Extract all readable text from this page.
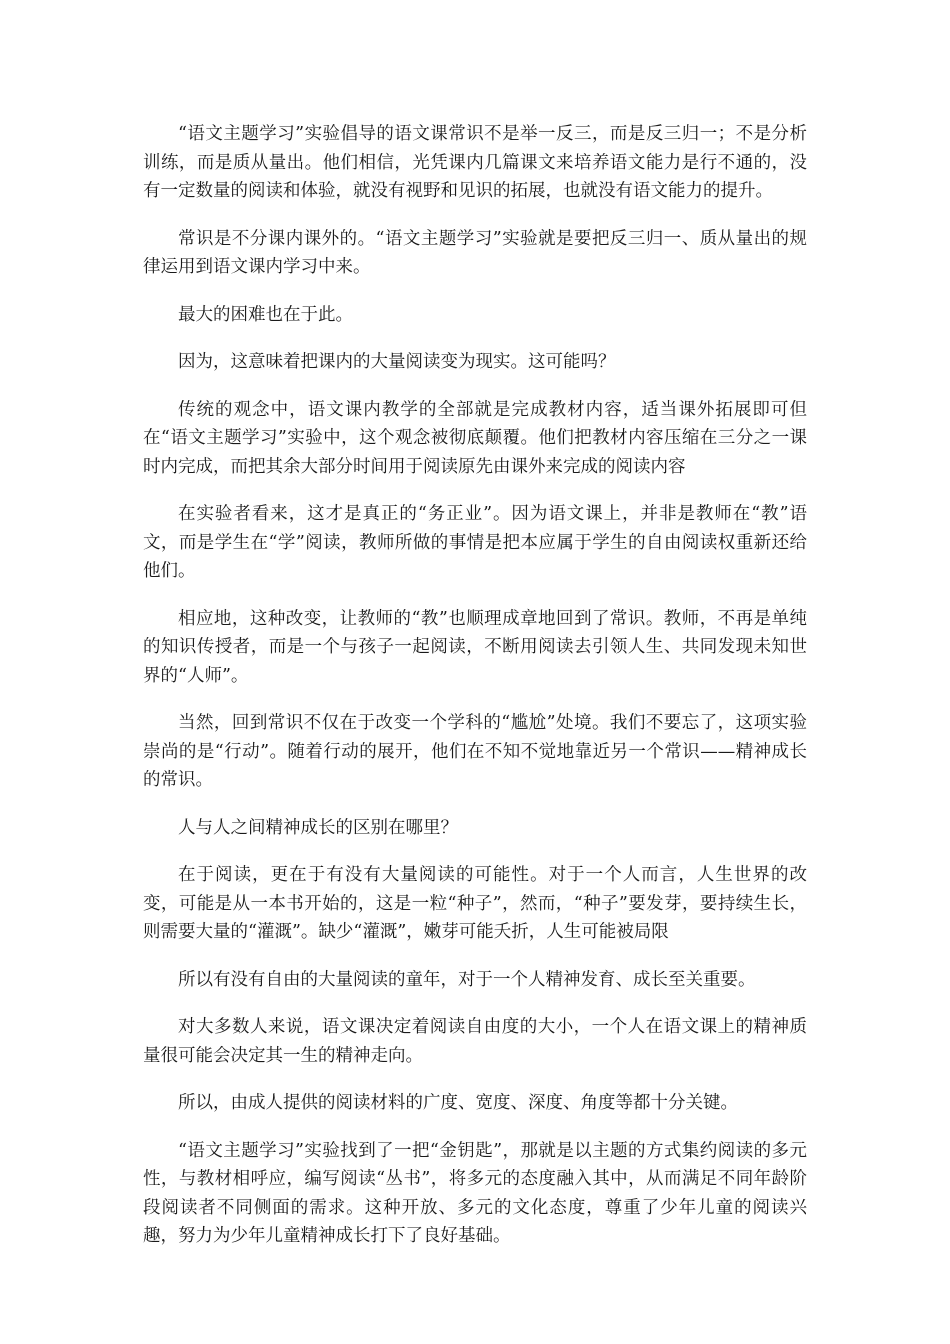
“语文主题学习”实验倡导的语文课常识不是举一反三，而是反三归一；不是分析训练，而是质从量出。他们相信，光凭课内几篇课文来培养语文能力是行不通的，没有一定数量的阅读和体验，就没有视野和见识的拓展，也就没有语文能力的提升。

常识是不分课内课外的。“语文主题学习”实验就是要把反三归一、质从量出的规律运用到语文课内学习中来。

最大的困难也在于此。

因为，这意味着把课内的大量阅读变为现实。这可能吗？

传统的观念中，语文课内教学的全部就是完成教材内容，适当课外拓展即可但在“语文主题学习”实验中，这个观念被彻底颠覆。他们把教材内容压缩在三分之一课时内完成，而把其余大部分时间用于阅读原先由课外来完成的阅读内容

在实验者看来，这才是真正的“务正业”。因为语文课上，并非是教师在“教”语文，而是学生在“学”阅读，教师所做的事情是把本应属于学生的自由阅读权重新还给他们。

相应地，这种改变，让教师的“教”也顺理成章地回到了常识。教师，不再是单纯的知识传授者，而是一个与孩子一起阅读，不断用阅读去引领人生、共同发现未知世界的“人师”。

当然，回到常识不仅在于改变一个学科的“尴尬”处境。我们不要忘了，这项实验崇尚的是“行动”。随着行动的展开，他们在不知不觉地靠近另一个常识——精神成长的常识。

人与人之间精神成长的区别在哪里？

在于阅读，更在于有没有大量阅读的可能性。对于一个人而言，人生世界的改变，可能是从一本书开始的，这是一粒“种子”，然而，“种子”要发芽，要持续生长，则需要大量的“灌溉”。缺少“灌溉”，嫩芽可能夭折，人生可能被局限

所以有没有自由的大量阅读的童年，对于一个人精神发育、成长至关重要。

对大多数人来说，语文课决定着阅读自由度的大小，一个人在语文课上的精神质量很可能会决定其一生的精神走向。

所以，由成人提供的阅读材料的广度、宽度、深度、角度等都十分关键。

“语文主题学习”实验找到了一把“金钥匙”，那就是以主题的方式集约阅读的多元性，与教材相呼应，编写阅读“丛书”，将多元的态度融入其中，从而满足不同年龄阶段阅读者不同侧面的需求。这种开放、多元的文化态度，尊重了少年儿童的阅读兴趣，努力为少年儿童精神成长打下了良好基础。
